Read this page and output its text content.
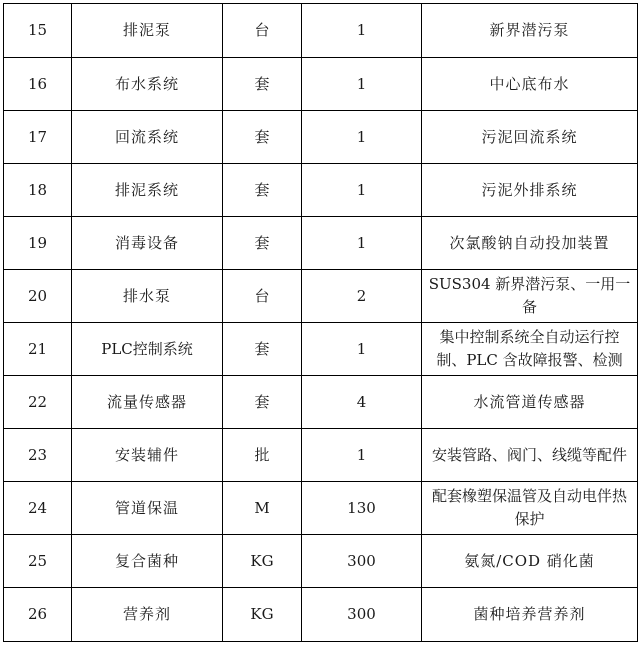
15	排泥泵	台	1	新界潜污泵
16	布水系统	套	1	中心底布水
17	回流系统	套	1	污泥回流系统
18	排泥系统	套	1	污泥外排系统
19	消毒设备	套	1	次氯酸钠自动投加装置
20	排水泵	台	2	SUS304 新界潜污泵、一用一备
21	PLC控制系统	套	1	集中控制系统全自动运行控制、PLC 含故障报警、检测
22	流量传感器	套	4	水流管道传感器
23	安装辅件	批	1	安装管路、阀门、线缆等配件
24	管道保温	M	130	配套橡塑保温管及自动电伴热保护
25	复合菌种	KG	300	氨氮/COD 硝化菌
26	营养剂	KG	300	菌种培养营养剂
